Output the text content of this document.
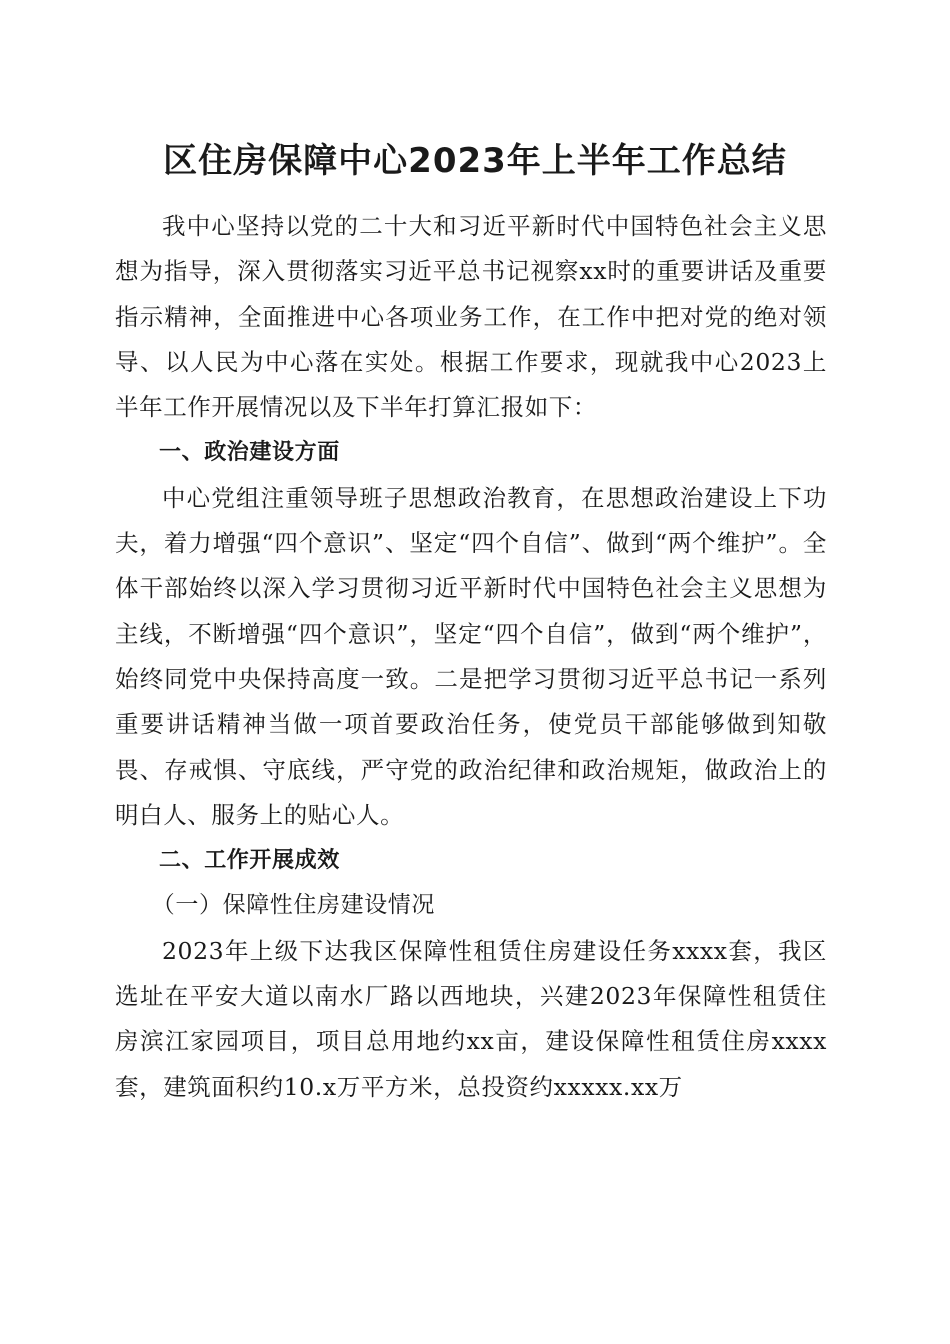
区住房保障中心2023年上半年工作总结

我中心坚持以党的二十大和习近平新时代中国特色社会主义思想为指导，深入贯彻落实习近平总书记视察xx时的重要讲话及重要指示精神，全面推进中心各项业务工作，在工作中把对党的绝对领导、以人民为中心落在实处。根据工作要求，现就我中心2023上半年工作开展情况以及下半年打算汇报如下：

一、政治建设方面

中心党组注重领导班子思想政治教育，在思想政治建设上下功夫，着力增强“四个意识”、坚定“四个自信”、做到“两个维护”。全体干部始终以深入学习贯彻习近平新时代中国特色社会主义思想为主线，不断增强“四个意识”，坚定“四个自信”，做到“两个维护”，始终同党中央保持高度一致。二是把学习贯彻习近平总书记一系列重要讲话精神当做一项首要政治任务，使党员干部能够做到知敬畏、存戒惧、守底线，严守党的政治纪律和政治规矩，做政治上的明白人、服务上的贴心人。

二、工作开展成效
（一）保障性住房建设情况

2023年上级下达我区保障性租赁住房建设任务xxxx套，我区选址在平安大道以南水厂路以西地块，兴建2023年保障性租赁住房滨江家园项目，项目总用地约xx亩，建设保障性租赁住房xxxx套，建筑面积约10.x万平方米，总投资约xxxxx.xx万
